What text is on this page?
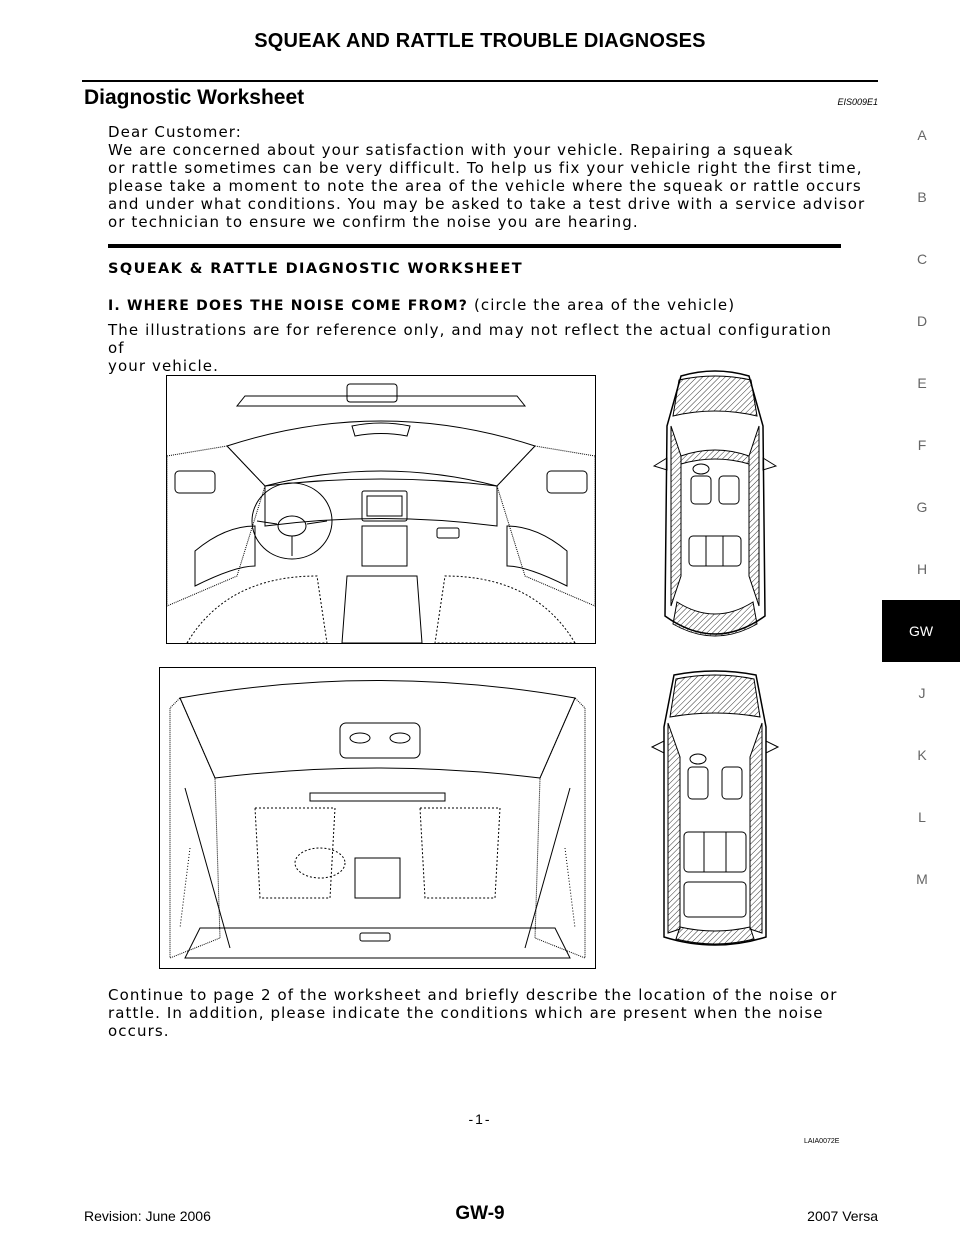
SQUEAK AND RATTLE TROUBLE DIAGNOSES
Diagnostic Worksheet	EIS009E1
A
B
C
D
E
F
G
H
GW
J
K
L
M
Dear Customer:
We are concerned about your satisfaction with your vehicle. Repairing a squeak
or rattle sometimes can be very difficult. To help us fix your vehicle right the first time,
please take a moment to note the area of the vehicle where the squeak or rattle occurs
and under what conditions. You may be asked to take a test drive with a service advisor
or technician to ensure we confirm the noise you are hearing.
SQUEAK & RATTLE DIAGNOSTIC WORKSHEET
I. WHERE DOES THE NOISE COME FROM? (circle the area of the vehicle)
The illustrations are for reference only, and may not reflect the actual configuration of
your vehicle.
Continue to page 2 of the worksheet and briefly describe the location of the noise or
rattle. In addition, please indicate the conditions which are present when the noise
occurs.
-1-
LAIA0072E
Revision: June 2006	GW-9	2007 Versa
